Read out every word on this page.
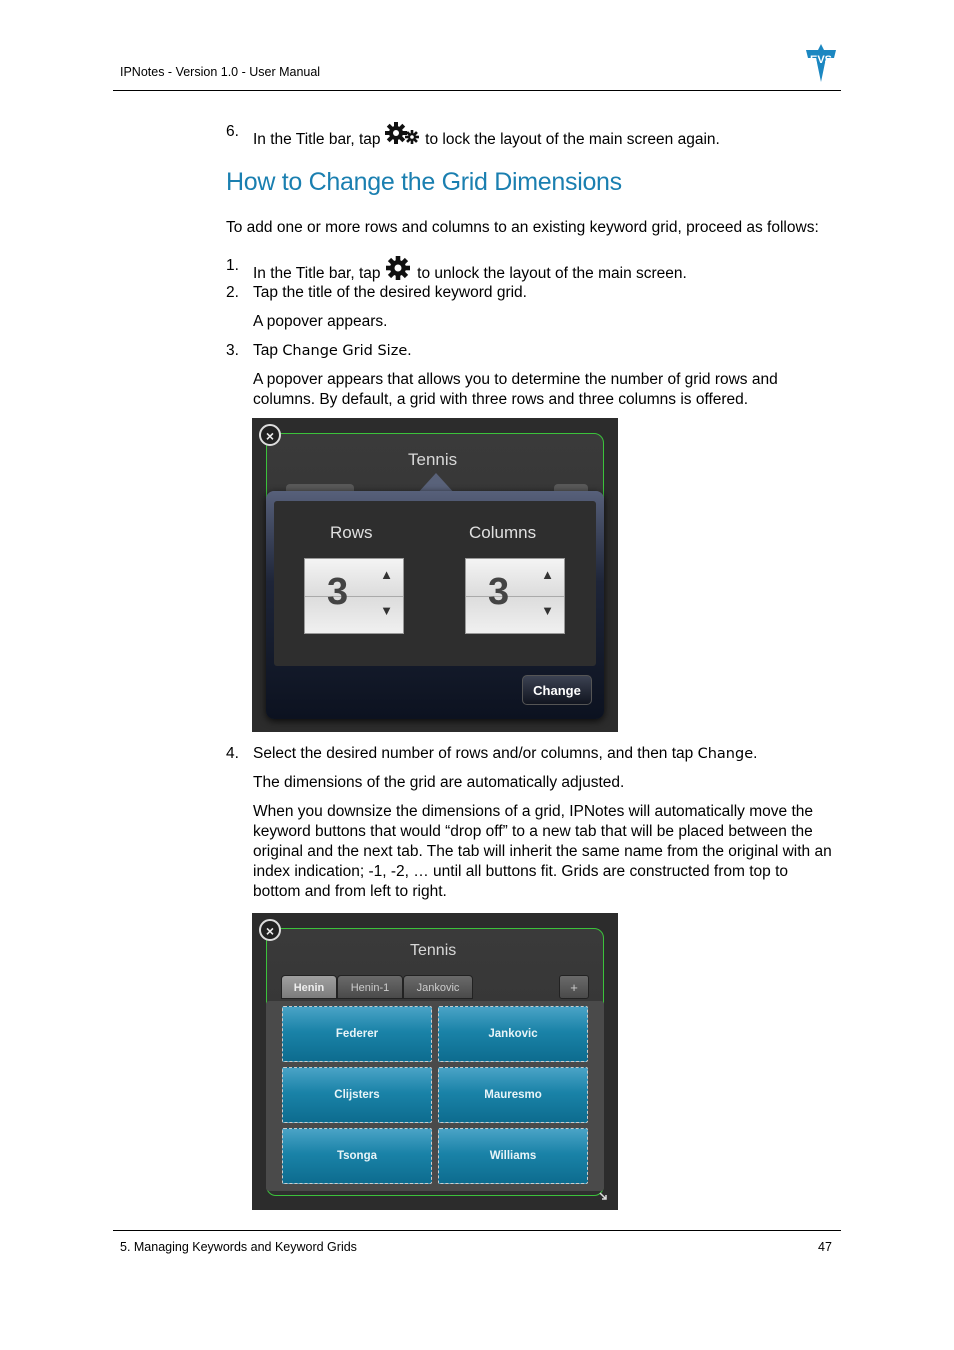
IPNotes - Version 1.0 - User Manual
EVS
6. In the Title bar, tap	to lock the layout of the main screen again.
How to Change the Grid Dimensions
To add one or more rows and columns to an existing keyword grid, proceed as follows:
1. In the Title bar, tap to unlock the layout of the main screen.
2. Tap the title of the desired keyword grid.
A popover appears.
3. Tap Change Grid Size.
A popover appears that allows you to determine the number of grid rows and columns. By default, a grid with three rows and three columns is offered.
×
Tennis
Rows	Columns
3 ▲
▼	3 ▲
▼
Change
4. Select the desired number of rows and/or columns, and then tap Change.
The dimensions of the grid are automatically adjusted.
When you downsize the dimensions of a grid, IPNotes will automatically move the keyword buttons that would “drop off” to a new tab that will be placed between the original and the next tab. The tab will inherit the same name from the original with an index indication; -1, -2, … until all buttons fit. Grids are constructed from top to bottom and from left to right.
×
Tennis
Henin	Henin-1	Jankovic	+
Federer	Jankovic
Clijsters	Mauresmo
Tsonga	Williams
5. Managing Keywords and Keyword Grids	47
